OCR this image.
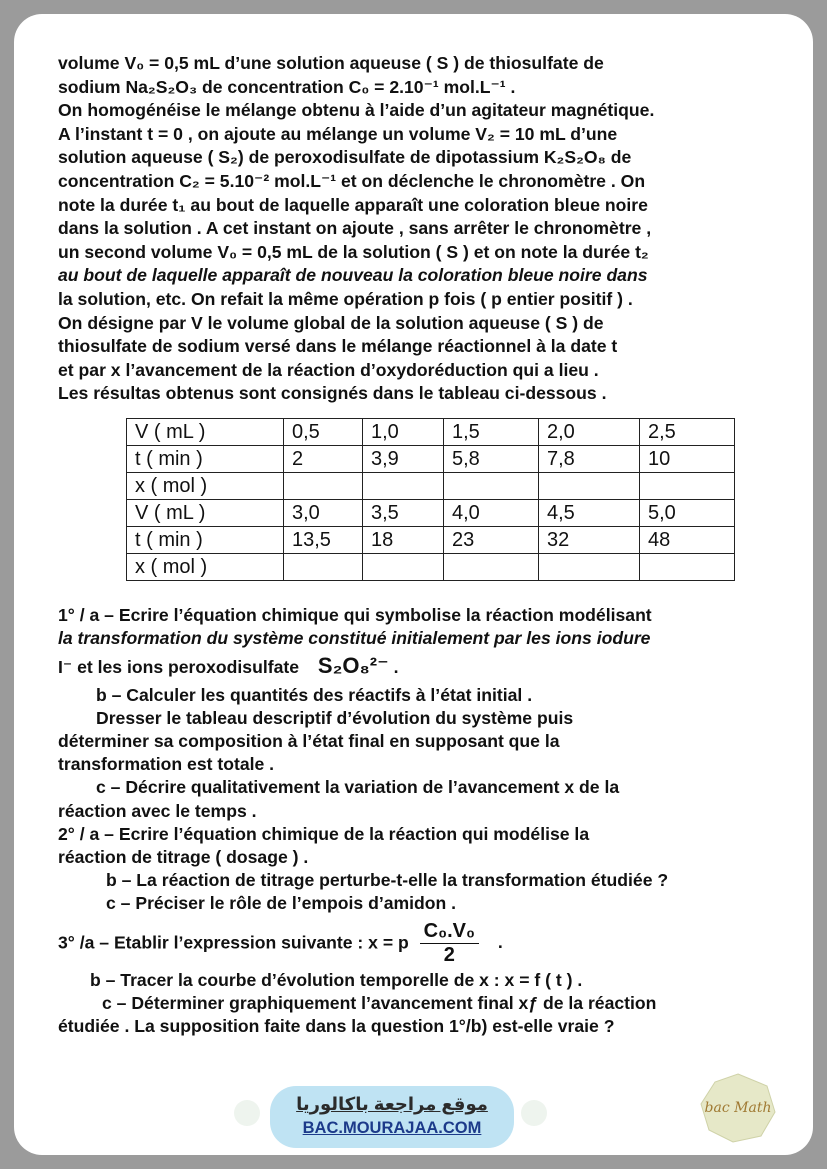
volume V₀ = 0,5 mL d’une solution aqueuse ( S ) de thiosulfate de

sodium Na₂S₂O₃ de concentration C₀ = 2.10⁻¹ mol.L⁻¹ .

On homogénéise le mélange obtenu à l’aide d’un agitateur magnétique.

A l’instant t = 0 , on ajoute au mélange un volume V₂ = 10 mL d’une

solution aqueuse ( S₂) de peroxodisulfate de dipotassium K₂S₂O₈ de

concentration C₂ = 5.10⁻² mol.L⁻¹ et on déclenche le chronomètre . On

note la durée t₁ au bout de laquelle apparaît une coloration bleue noire

dans la solution . A cet instant on ajoute , sans arrêter le chronomètre ,

un second volume V₀ = 0,5 mL de la solution ( S ) et on note la durée t₂

au bout de laquelle apparaît de nouveau la coloration bleue noire dans

la solution, etc. On refait la même opération p fois ( p entier positif ) .

On désigne par V le volume global de la solution aqueuse ( S ) de

thiosulfate de sodium versé dans le mélange réactionnel à la date t

et par x l’avancement de la réaction d’oxydoréduction qui a lieu .

Les résultas obtenus sont consignés dans le tableau ci-dessous .

V ( mL )	0,5	1,0	1,5	2,0	2,5
t ( min )	2	3,9	5,8	7,8	10
x ( mol )					
V ( mL )	3,0	3,5	4,0	4,5	5,0
t ( min )	13,5	18	23	32	48
x ( mol )					

1° / a – Ecrire l’équation chimique qui symbolise la réaction modélisant

la transformation du système constitué initialement par les ions iodure

I⁻ et les ions peroxodisulfate S₂O₈²⁻ .

b – Calculer les quantités des réactifs à l’état initial .

Dresser le tableau descriptif d’évolution du système puis

déterminer sa composition à l’état final en supposant que la

transformation est totale .

c – Décrire qualitativement la variation de l’avancement x de la

réaction avec le temps .

2° / a – Ecrire l’équation chimique de la réaction qui modélise la

réaction de titrage ( dosage ) .

b – La réaction de titrage perturbe-t-elle la transformation étudiée ?

c – Préciser le rôle de l’empois d’amidon .

3° /a – Etablir l’expression suivante : x = p $\frac{\text{C₀.V₀}}{2}$ .

b – Tracer la courbe d’évolution temporelle de x : x = f ( t ) .

c – Déterminer graphiquement l’avancement final xƒ de la réaction

étudiée . La supposition faite dans la question 1°/b) est-elle vraie ?

موقع مراجعة باكالوريا
BAC.MOURAJAA.COM
bac Math
